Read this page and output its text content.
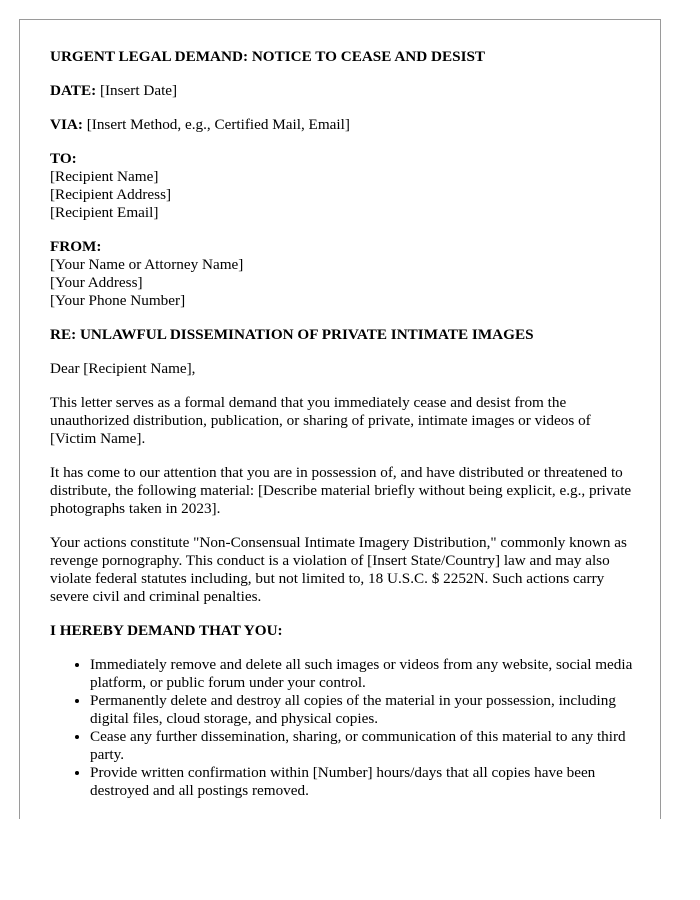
URGENT LEGAL DEMAND: NOTICE TO CEASE AND DESIST
DATE: [Insert Date]
VIA: [Insert Method, e.g., Certified Mail, Email]
TO:
[Recipient Name]
[Recipient Address]
[Recipient Email]
FROM:
[Your Name or Attorney Name]
[Your Address]
[Your Phone Number]
RE: UNLAWFUL DISSEMINATION OF PRIVATE INTIMATE IMAGES

Dear [Recipient Name],

This letter serves as a formal demand that you immediately cease and desist from the unauthorized distribution, publication, or sharing of private, intimate images or videos of [Victim Name].

It has come to our attention that you are in possession of, and have distributed or threatened to distribute, the following material: [Describe material briefly without being explicit, e.g., private photographs taken in 2023].

Your actions constitute "Non-Consensual Intimate Imagery Distribution," commonly known as revenge pornography. This conduct is a violation of [Insert State/Country] law and may also violate federal statutes including, but not limited to, 18 U.S.C. $ 2252N. Such actions carry severe civil and criminal penalties.

I HEREBY DEMAND THAT YOU:
• Immediately remove and delete all such images or videos from any website, social media platform, or public forum under your control.
• Permanently delete and destroy all copies of the material in your possession, including digital files, cloud storage, and physical copies.
• Cease any further dissemination, sharing, or communication of this material to any third party.
• Provide written confirmation within [Number] hours/days that all copies have been destroyed and all postings removed.
